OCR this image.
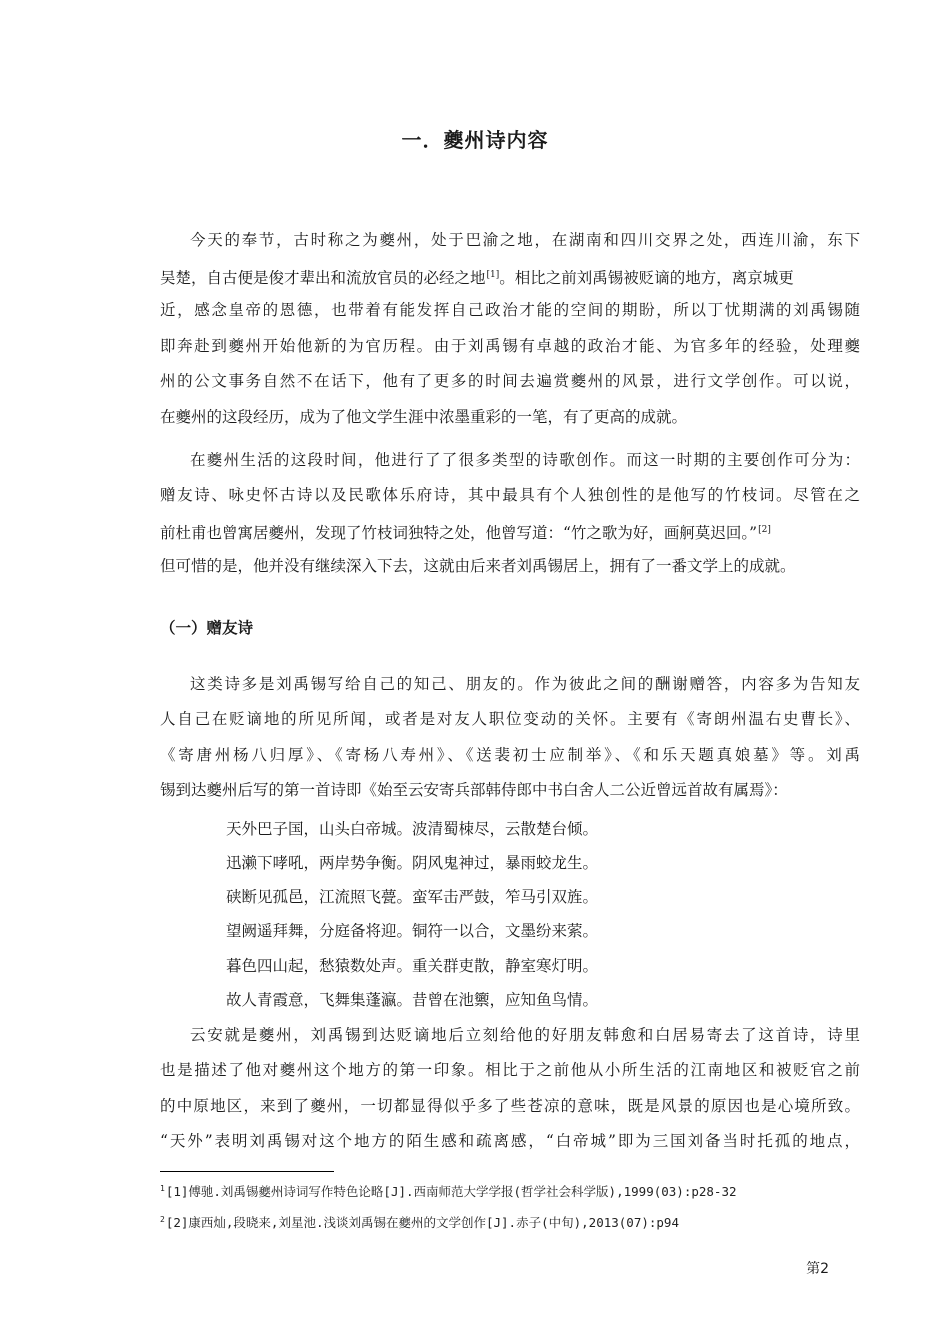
一．夔州诗内容
今天的奉节，古时称之为夔州，处于巴渝之地，在湖南和四川交界之处，西连川渝，东下
吴楚，自古便是俊才辈出和流放官员的必经之地[1]。相比之前刘禹锡被贬谪的地方，离京城更
近，感念皇帝的恩德，也带着有能发挥自己政治才能的空间的期盼，所以丁忧期满的刘禹锡随
即奔赴到夔州开始他新的为官历程。由于刘禹锡有卓越的政治才能、为官多年的经验，处理夔
州的公文事务自然不在话下，他有了更多的时间去遍赏夔州的风景，进行文学创作。可以说，
在夔州的这段经历，成为了他文学生涯中浓墨重彩的一笔，有了更高的成就。
在夔州生活的这段时间，他进行了了很多类型的诗歌创作。而这一时期的主要创作可分为：
赠友诗、咏史怀古诗以及民歌体乐府诗，其中最具有个人独创性的是他写的竹枝词。尽管在之
前杜甫也曾寓居夔州，发现了竹枝词独特之处，他曾写道：“竹之歌为好，画舸莫迟回。”[2]
但可惜的是，他并没有继续深入下去，这就由后来者刘禹锡居上，拥有了一番文学上的成就。
（一）赠友诗
这类诗多是刘禹锡写给自己的知己、朋友的。作为彼此之间的酬谢赠答，内容多为告知友
人自己在贬谪地的所见所闻，或者是对友人职位变动的关怀。主要有《寄朗州温右史曹长》、
《寄唐州杨八归厚》、《寄杨八寿州》、《送裴初士应制举》、《和乐天题真娘墓》等。刘禹
锡到达夔州后写的第一首诗即《始至云安寄兵部韩侍郎中书白舍人二公近曾远首故有属焉》：
天外巴子国，山头白帝城。波清蜀栜尽，云散楚台倾。
迅濑下哮吼，两岸势争衡。阴风鬼神过，暴雨蛟龙生。
硖断见孤邑，江流照飞甍。蛮军击严鼓，笮马引双旌。
望阙遥拜舞，分庭备将迎。铜符一以合，文墨纷来萦。
暮色四山起，愁猿数处声。重关群吏散，静室寒灯明。
故人青霞意，飞舞集蓬瀛。昔曾在池籞，应知鱼鸟情。
云安就是夔州，刘禹锡到达贬谪地后立刻给他的好朋友韩愈和白居易寄去了这首诗，诗里
也是描述了他对夔州这个地方的第一印象。相比于之前他从小所生活的江南地区和被贬官之前
的中原地区，来到了夔州，一切都显得似乎多了些苍凉的意味，既是风景的原因也是心境所致。
“天外”表明刘禹锡对这个地方的陌生感和疏离感，“白帝城”即为三国刘备当时托孤的地点，
$^1$[1]傅驰.刘禹锡夔州诗词写作特色论略[J].西南师范大学学报(哲学社会科学版),1999(03):p28-32
$^2$[2]康西灿,段晓来,刘星池.浅谈刘禹锡在夔州的文学创作[J].赤子(中旬),2013(07):p94
第2
